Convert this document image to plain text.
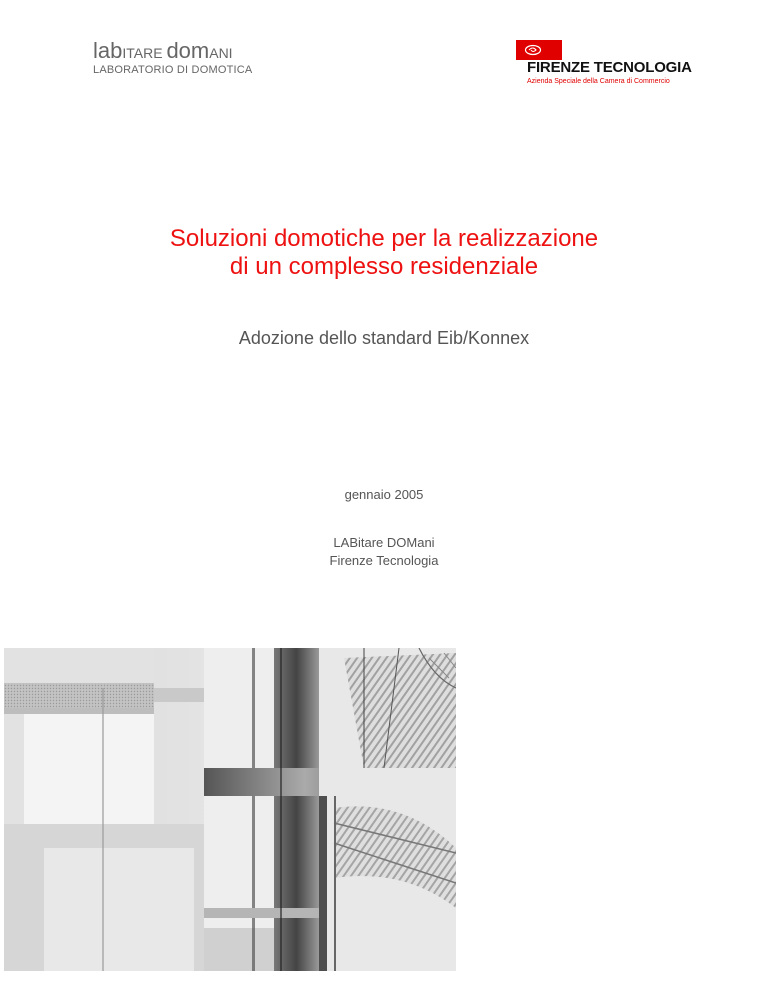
labITARE domANI
LABORATORIO DI DOMOTICA	FIRENZE TECNOLOGIA
Azienda Speciale della Camera di Commercio
Soluzioni domotiche per la realizzazione
di un complesso residenziale
Adozione dello standard Eib/Konnex
gennaio 2005
LABitare DOMani
Firenze Tecnologia
